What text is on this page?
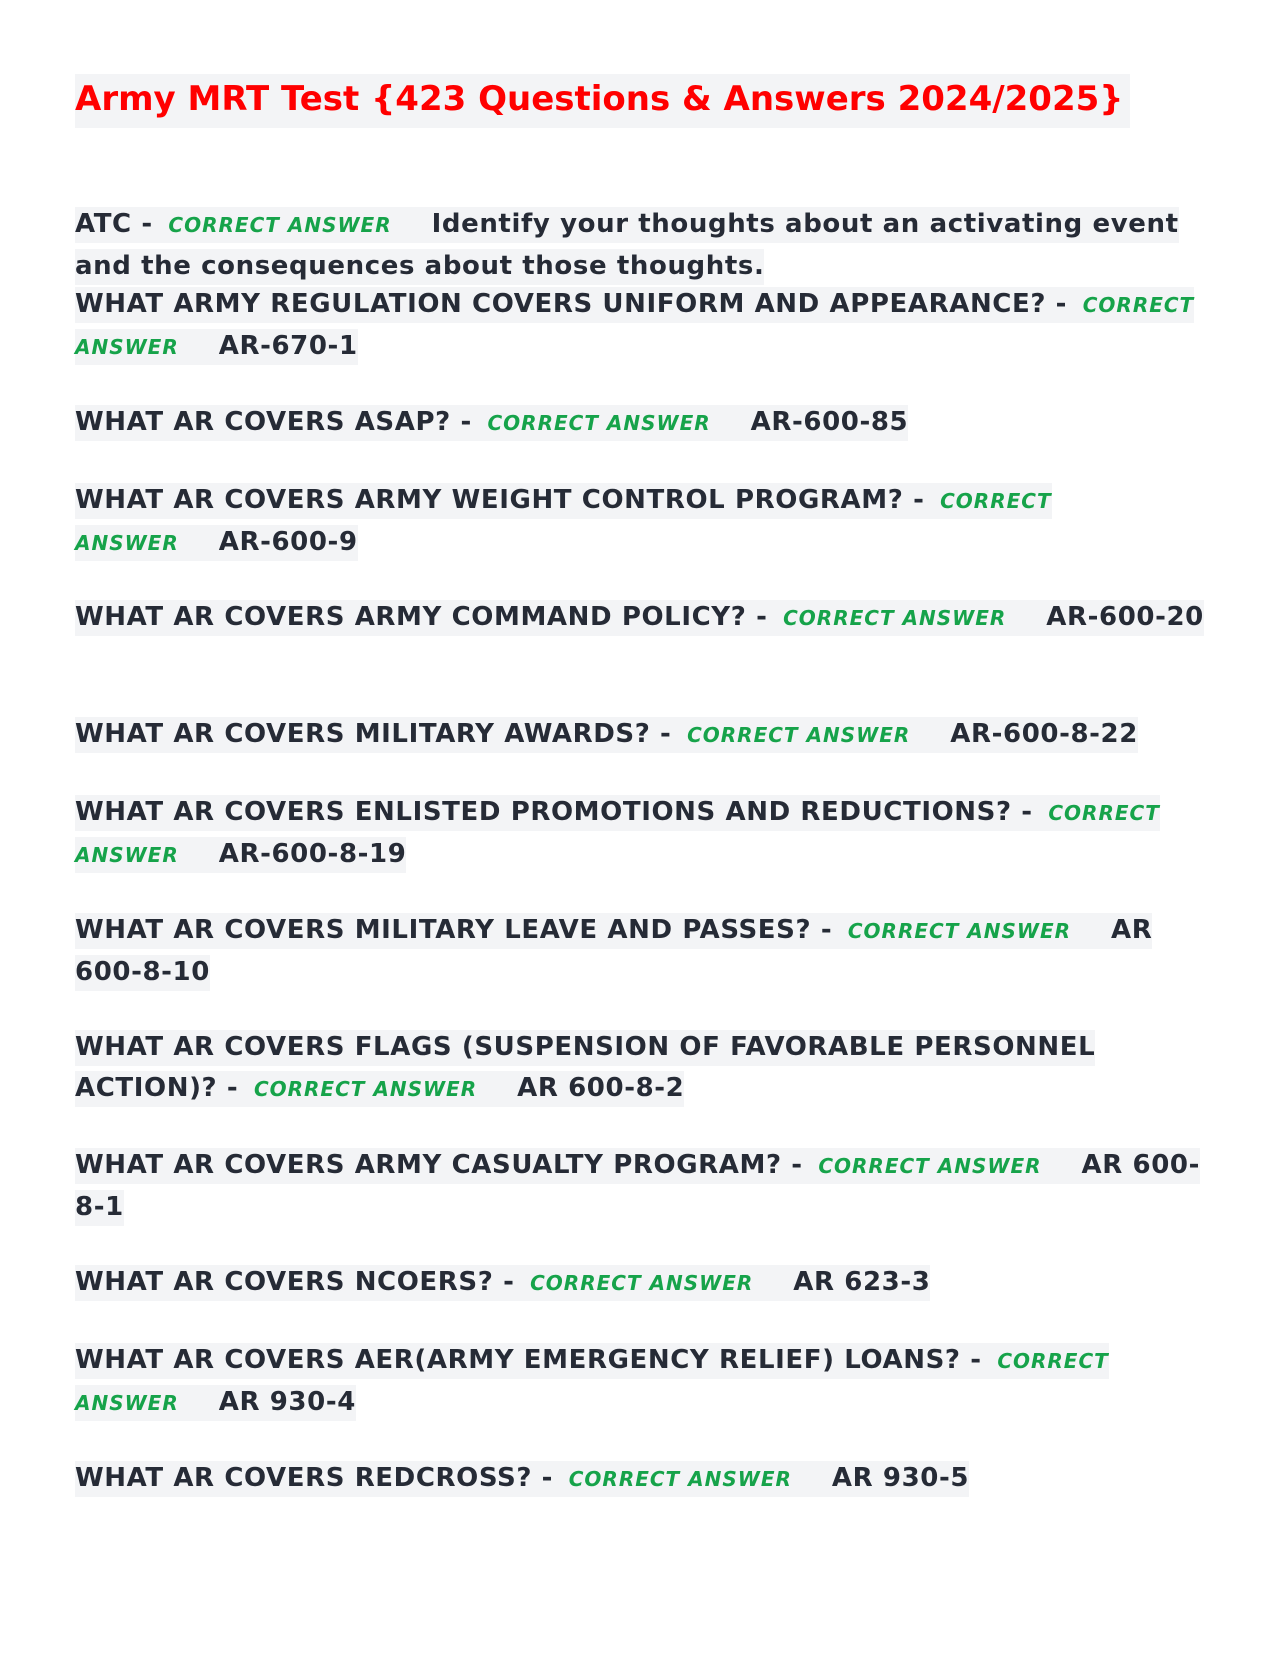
Army MRT Test {423 Questions & Answers 2024/2025}

ATC - CORRECT ANSWER Identify your thoughts about an activating event and the consequences about those thoughts.

WHAT ARMY REGULATION COVERS UNIFORM AND APPEARANCE? - CORRECT ANSWER AR-670-1

WHAT AR COVERS ASAP? - CORRECT ANSWER AR-600-85

WHAT AR COVERS ARMY WEIGHT CONTROL PROGRAM? - CORRECT ANSWER AR-600-9

WHAT AR COVERS ARMY COMMAND POLICY? - CORRECT ANSWER AR-600-20

WHAT AR COVERS MILITARY AWARDS? - CORRECT ANSWER AR-600-8-22

WHAT AR COVERS ENLISTED PROMOTIONS AND REDUCTIONS? - CORRECT ANSWER AR-600-8-19

WHAT AR COVERS MILITARY LEAVE AND PASSES? - CORRECT ANSWER AR 600-8-10

WHAT AR COVERS FLAGS (SUSPENSION OF FAVORABLE PERSONNEL ACTION)? - CORRECT ANSWER AR 600-8-2

WHAT AR COVERS ARMY CASUALTY PROGRAM? - CORRECT ANSWER AR 600-8-1

WHAT AR COVERS NCOERS? - CORRECT ANSWER AR 623-3

WHAT AR COVERS AER(ARMY EMERGENCY RELIEF) LOANS? - CORRECT ANSWER AR 930-4

WHAT AR COVERS REDCROSS? - CORRECT ANSWER AR 930-5
